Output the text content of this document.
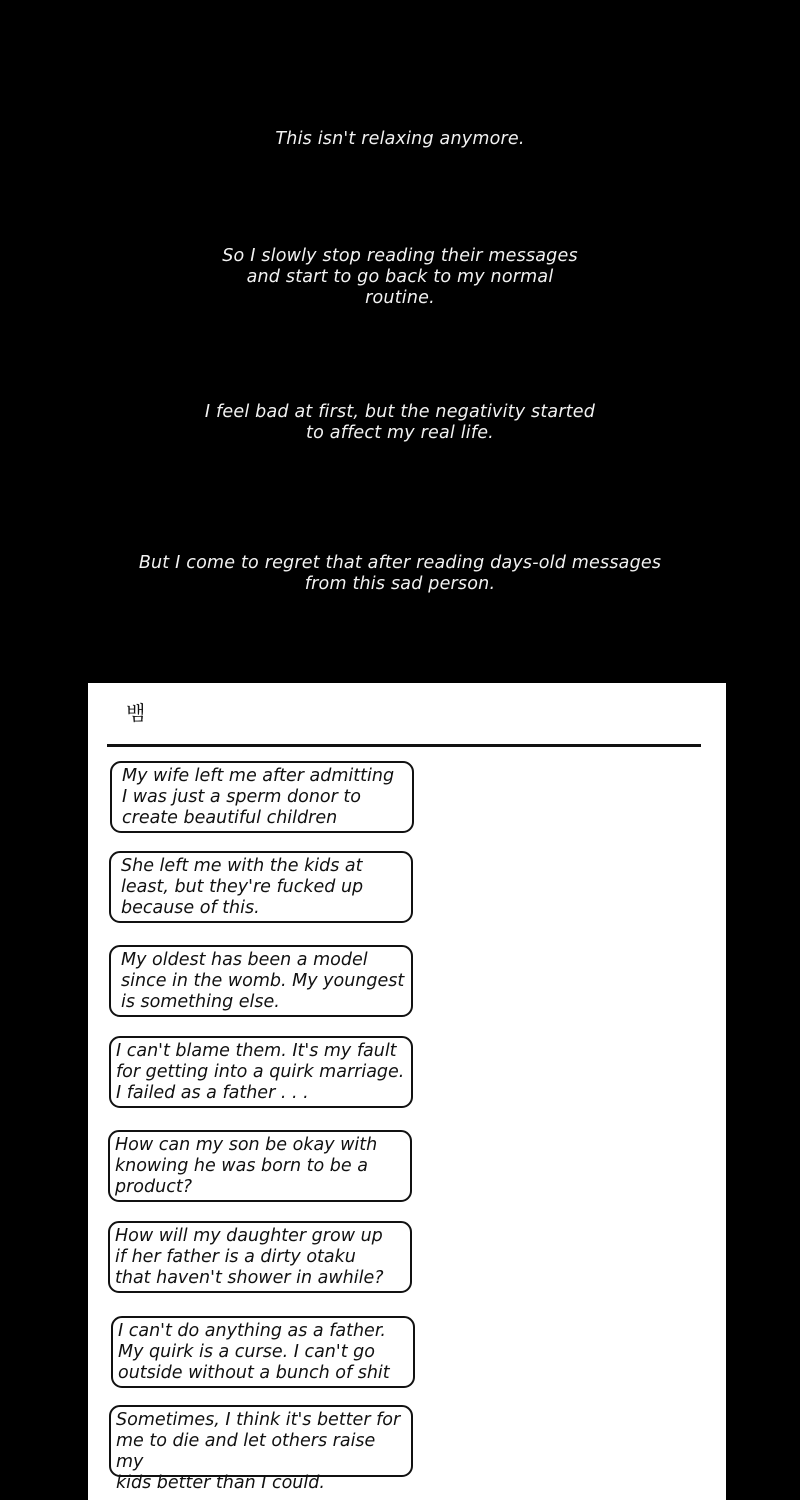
This isn't relaxing anymore.
So I slowly stop reading their messages
and start to go back to my normal
routine.
I feel bad at first, but the negativity started
to affect my real life.
But I come to regret that after reading days-old messages
from this sad person.
뱀
My wife left me after admitting
I was just a sperm donor to
create beautiful children
She left me with the kids at
least, but they're fucked up
because of this.
My oldest has been a model
since in the womb. My youngest
is something else.
I can't blame them. It's my fault
for getting into a quirk marriage.
I failed as a father . . .
How can my son be okay with
knowing he was born to be a
product?
How will my daughter grow up
if her father is a dirty otaku
that haven't shower in awhile?
I can't do anything as a father.
My quirk is a curse. I can't go
outside without a bunch of shit
Sometimes, I think it's better for
me to die and let others raise my
kids better than I could.
